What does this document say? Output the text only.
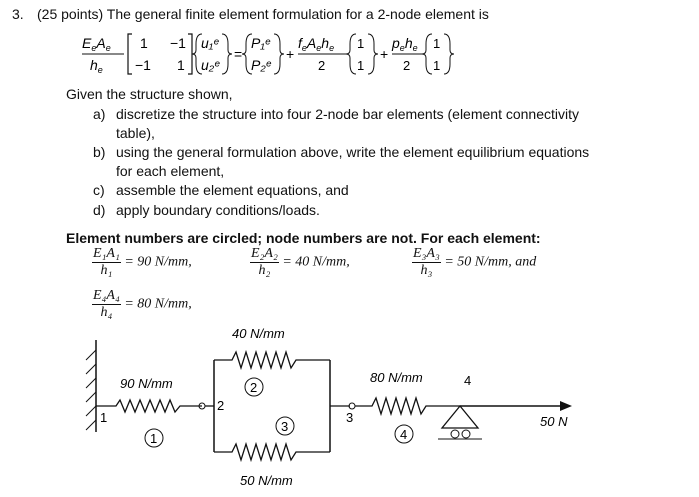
3. (25 points) The general finite element formulation for a 2-node element is
$E_eA_e$
$h_e$
1 −1
−1 1
u₁ᵉ
u₂ᵉ
=
P₁ᵉ
P₂ᵉ
+
$f_eA_eh_e$
2
1
1
+
$p_eh_e$
2
1
1
Given the structure shown,
a) discretize the structure into four 2-node bar elements (element connectivity
table),
b) using the general formulation above, write the element equilibrium equations
for each element,
c) assemble the element equations, and
d) apply boundary conditions/loads.
Element numbers are circled; node numbers are not. For each element:
$\frac{\text{E₁A₁}}{\text{h₁}} = 90$ N/mm,	$\frac{\text{E₂A₂}}{\text{h₂}} = 40$ N/mm,	$\frac{\text{E₃A₃}}{\text{h₃}} = 50$ N/mm, and
$\frac{\text{E₄A₄}}{\text{h₄}} = 80$ N/mm,
90 N/mm
40 N/mm
50 N/mm
80 N/mm
1
2
3
4
1
2
3
4
50 N
